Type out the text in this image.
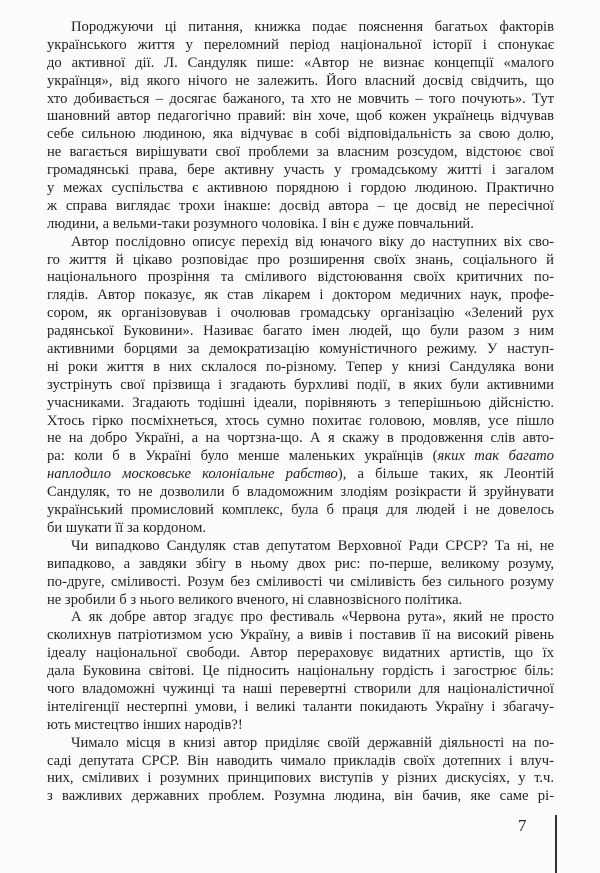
Породжуючи ці питання, книжка подає пояснення багатьох факторів
українського життя у переломний період національної історії і спонукає
до активної дії. Л. Сандуляк пише: «Автор не визнає концепції «малого
українця», від якого нічого не залежить. Його власний досвід свідчить, що
хто добивається – досягає бажаного, та хто не мовчить – того почують». Тут
шановний автор педагогічно правий: він хоче, щоб кожен українець відчував
себе сильною людиною, яка відчуває в собі відповідальність за свою долю,
не вагається вирішувати свої проблеми за власним розсудом, відстоює свої
громадянські права, бере активну участь у громадському житті і загалом
у межах суспільства є активною порядною і гордою людиною. Практично
ж справа виглядає трохи інакше: досвід автора – це досвід не пересічної
людини, а вельми-таки розумного чоловіка. І він є дуже повчальний.
Автор послідовно описує перехід від юначого віку до наступних віх сво-
го життя й цікаво розповідає про розширення своїх знань, соціального й
національного прозріння та сміливого відстоювання своїх критичних по-
глядів. Автор показує, як став лікарем і доктором медичних наук, профе-
сором, як організовував і очолював громадську організацію «Зелений рух
радянської Буковини». Називає багато імен людей, що були разом з ним
активними борцями за демократизацію комуністичного режиму. У наступ-
ні роки життя в них склалося по-різному. Тепер у книзі Сандуляка вони
зустрінуть свої прізвища і згадають бурхливі події, в яких були активними
учасниками. Згадають тодішні ідеали, порівняють з теперішньою дійсністю.
Хтось гірко посміхнеться, хтось сумно похитає головою, мовляв, усе пішло
не на добро Україні, а на чортзна-що. А я скажу в продовження слів авто-
ра: коли б в Україні було менше маленьких українців (яких так багато
наплодило московське колоніальне рабство), а більше таких, як Леонтій
Сандуляк, то не дозволили б владоможним злодіям розікрасти й зруйнувати
український промисловий комплекс, була б праця для людей і не довелось
би шукати її за кордоном.
Чи випадково Сандуляк став депутатом Верховної Ради СРСР? Та ні, не
випадково, а завдяки збігу в ньому двох рис: по-перше, великому розуму,
по-друге, сміливості. Розум без сміливості чи сміливість без сильного розуму
не зробили б з нього великого вченого, ні славнозвісного політика.
А як добре автор згадує про фестиваль «Червона рута», який не просто
сколихнув патріотизмом усю Україну, а вивів і поставив її на високий рівень
ідеалу національної свободи. Автор перераховує видатних артистів, що їх
дала Буковина світові. Це підносить національну гордість і загострює біль:
чого владоможні чужинці та наші перевертні створили для націоналістичної
інтелігенції нестерпні умови, і великі таланти покидають Україну і збагачу-
ють мистецтво інших народів?!
Чимало місця в книзі автор приділяє своїй державній діяльності на по-
саді депутата СРСР. Він наводить чимало прикладів своїх дотепних і влуч-
них, сміливих і розумних принципових виступів у різних дискусіях, у т.ч.
з важливих державних проблем. Розумна людина, він бачив, яке саме рі-
7
